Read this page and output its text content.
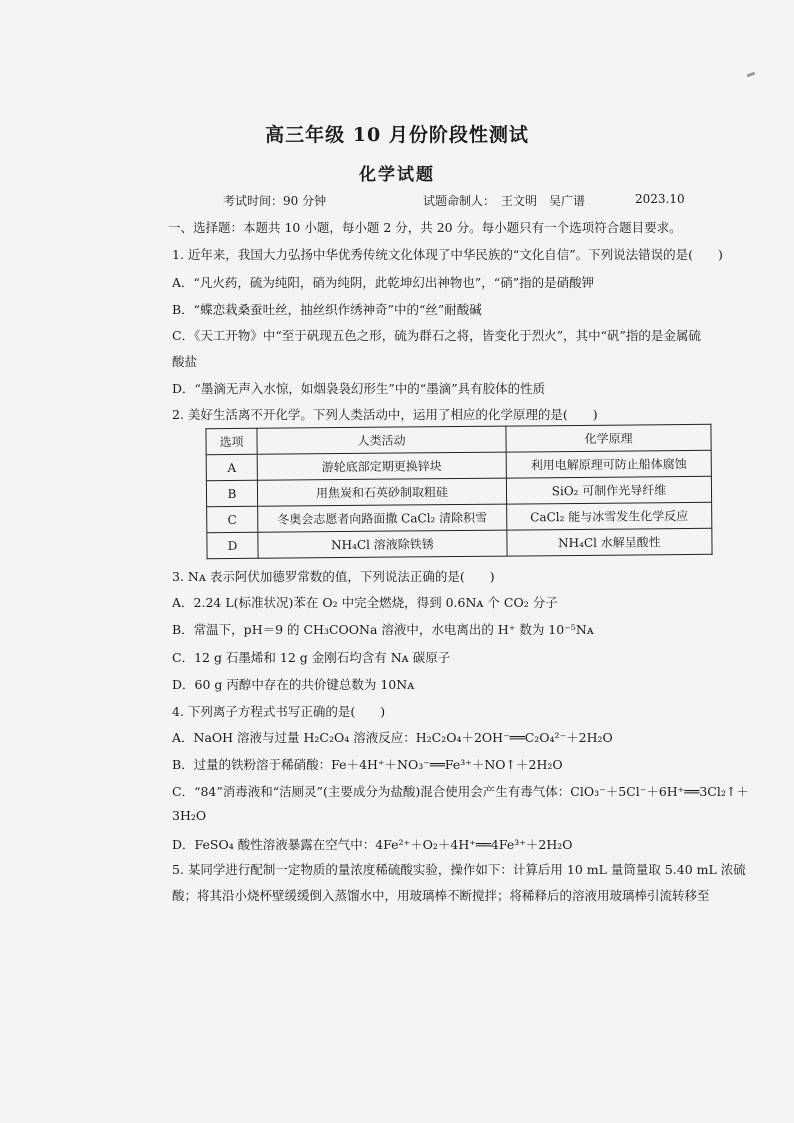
高三年级 10 月份阶段性测试
化学试题
考试时间：90 分钟	试题命制人：　王文明　吴广谱	2023.10
一、选择题：本题共 10 小题，每小题 2 分，共 20 分。每小题只有一个选项符合题目要求。
1. 近年来，我国大力弘扬中华优秀传统文化体现了中华民族的“文化自信”。下列说法错误的是(　　)
A．“凡火药，硫为纯阳，硝为纯阴，此乾坤幻出神物也”，“硝”指的是硝酸钾
B．“蝶恋栽桑蚕吐丝，抽丝织作绣神奇”中的“丝”耐酸碱
C．《天工开物》中“至于矾现五色之形，硫为群石之将，皆变化于烈火”，其中“矾”指的是金属硫
酸盐
D．“墨滴无声入水惊，如烟袅袅幻形生”中的“墨滴”具有胶体的性质
2. 美好生活离不开化学。下列人类活动中，运用了相应的化学原理的是(　　)
选项	人类活动	化学原理
A	游轮底部定期更换锌块	利用电解原理可防止船体腐蚀
B	用焦炭和石英砂制取粗硅	SiO₂ 可制作光导纤维
C	冬奥会志愿者向路面撒 CaCl₂ 清除积雪	CaCl₂ 能与冰雪发生化学反应
D	NH₄Cl 溶液除铁锈	NH₄Cl 水解呈酸性
3. Nᴀ 表示阿伏加德罗常数的值，下列说法正确的是(　　)
A．2.24 L(标准状况)苯在 O₂ 中完全燃烧，得到 0.6Nᴀ 个 CO₂ 分子
B．常温下，pH＝9 的 CH₃COONa 溶液中，水电离出的 H⁺ 数为 10⁻⁵Nᴀ
C．12 g 石墨烯和 12 g 金刚石均含有 Nᴀ 碳原子
D．60 g 丙醇中存在的共价键总数为 10Nᴀ
4. 下列离子方程式书写正确的是(　　)
A．NaOH 溶液与过量 H₂C₂O₄ 溶液反应：H₂C₂O₄＋2OH⁻══C₂O₄²⁻＋2H₂O
B．过量的铁粉溶于稀硝酸：Fe＋4H⁺＋NO₃⁻══Fe³⁺＋NO↑＋2H₂O
C．“84”消毒液和“洁厕灵”(主要成分为盐酸)混合使用会产生有毒气体：ClO₃⁻＋5Cl⁻＋6H⁺══3Cl₂↑＋
3H₂O
D．FeSO₄ 酸性溶液暴露在空气中：4Fe²⁺＋O₂＋4H⁺══4Fe³⁺＋2H₂O
5. 某同学进行配制一定物质的量浓度稀硫酸实验，操作如下：计算后用 10 mL 量筒量取 5.40 mL 浓硫
酸；将其沿小烧杯壁缓缓倒入蒸馏水中，用玻璃棒不断搅拌；将稀释后的溶液用玻璃棒引流转移至
